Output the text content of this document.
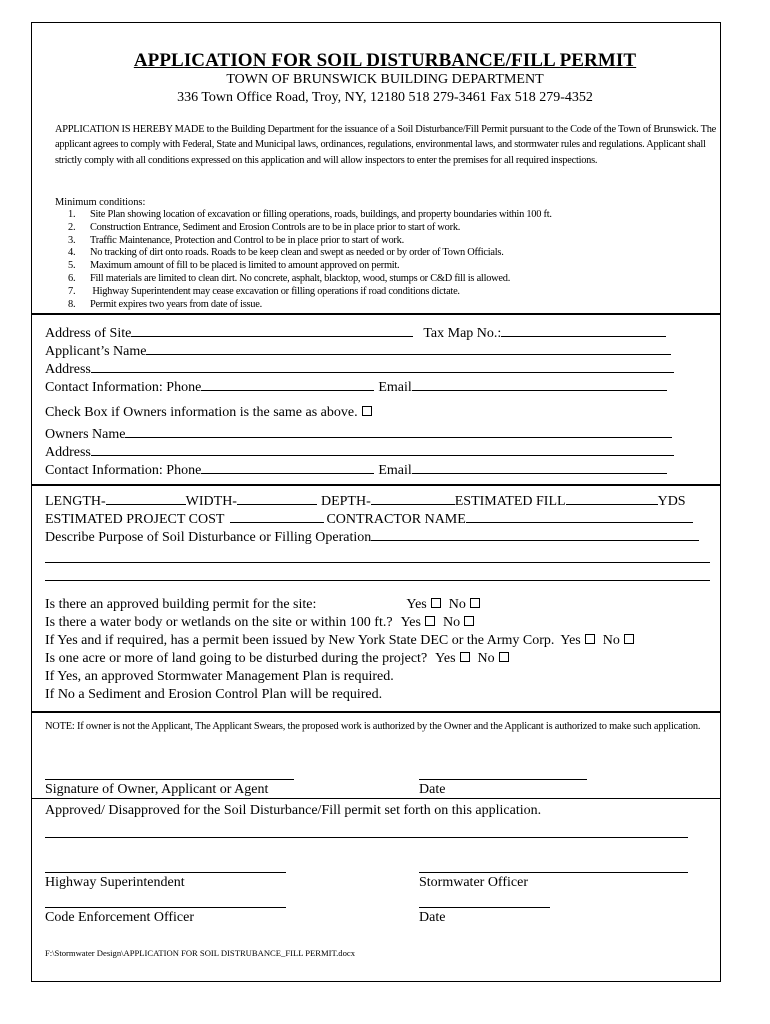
APPLICATION FOR SOIL DISTURBANCE/FILL PERMIT
TOWN OF BRUNSWICK BUILDING DEPARTMENT
336 Town Office Road, Troy, NY, 12180 518 279-3461 Fax 518 279-4352
APPLICATION IS HEREBY MADE to the Building Department for the issuance of a Soil Disturbance/Fill Permit pursuant to the Code of the Town of Brunswick. The applicant agrees to comply with Federal, State and Municipal laws, ordinances, regulations, environmental laws, and stormwater rules and regulations. Applicant shall strictly comply with all conditions expressed on this application and will allow inspectors to enter the premises for all required inspections.
Minimum conditions:
1.	Site Plan showing location of excavation or filling operations, roads, buildings, and property boundaries within 100 ft.
2.	Construction Entrance, Sediment and Erosion Controls are to be in place prior to start of work.
3.	Traffic Maintenance, Protection and Control to be in place prior to start of work.
4.	No tracking of dirt onto roads. Roads to be keep clean and swept as needed or by order of Town Officials.
5.	Maximum amount of fill to be placed is limited to amount approved on permit.
6.	Fill materials are limited to clean dirt. No concrete, asphalt, blacktop, wood, stumps or C&D fill is allowed.
7.	Highway Superintendent may cease excavation or filling operations if road conditions dictate.
8.	Permit expires two years from date of issue.
Address of Site	Tax Map No.:
Applicant’s Name
Address
Contact Information: Phone	Email
Check Box if Owners information is the same as above.
Owners Name
Address
Contact Information: Phone	Email
LENGTH-	WIDTH-	DEPTH-	ESTIMATED FILL	YDS
ESTIMATED PROJECT COST	CONTRACTOR NAME
Describe Purpose of Soil Disturbance or Filling Operation
Is there an approved building permit for the site:	Yes No
Is there a water body or wetlands on the site or within 100 ft.? Yes No
If Yes and if required, has a permit been issued by New York State DEC or the Army Corp. Yes No
Is one acre or more of land going to be disturbed during the project? Yes No
If Yes, an approved Stormwater Management Plan is required.
If No a Sediment and Erosion Control Plan will be required.
NOTE: If owner is not the Applicant, The Applicant Swears, the proposed work is authorized by the Owner and the Applicant is authorized to make such application.
Signature of Owner, Applicant or Agent	Date
Approved/ Disapproved for the Soil Disturbance/Fill permit set forth on this application.
Highway Superintendent	Stormwater Officer
Code Enforcement Officer	Date
F:\Stormwater Design\APPLICATION FOR SOIL DISTRUBANCE_FILL PERMIT.docx
